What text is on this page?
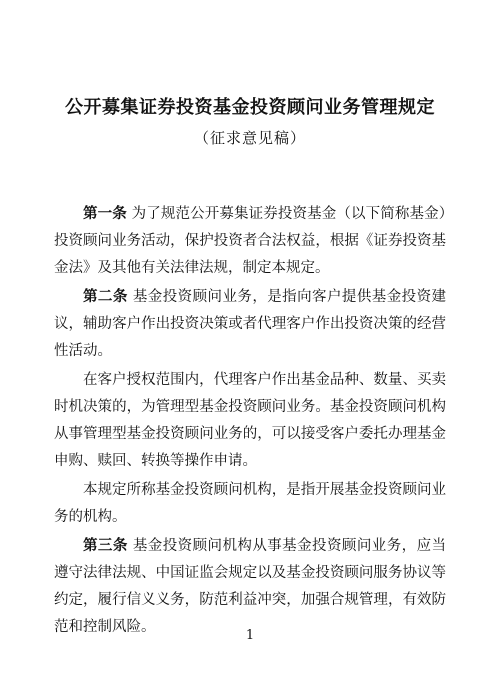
公开募集证券投资基金投资顾问业务管理规定
（征求意见稿）

第一条 为了规范公开募集证券投资基金（以下简称基金）投资顾问业务活动，保护投资者合法权益，根据《证券投资基金法》及其他有关法律法规，制定本规定。

第二条 基金投资顾问业务，是指向客户提供基金投资建议，辅助客户作出投资决策或者代理客户作出投资决策的经营性活动。

在客户授权范围内，代理客户作出基金品种、数量、买卖时机决策的，为管理型基金投资顾问业务。基金投资顾问机构从事管理型基金投资顾问业务的，可以接受客户委托办理基金申购、赎回、转换等操作申请。

本规定所称基金投资顾问机构，是指开展基金投资顾问业务的机构。

第三条 基金投资顾问机构从事基金投资顾问业务，应当遵守法律法规、中国证监会规定以及基金投资顾问服务协议等约定，履行信义义务，防范利益冲突，加强合规管理，有效防范和控制风险。

1
